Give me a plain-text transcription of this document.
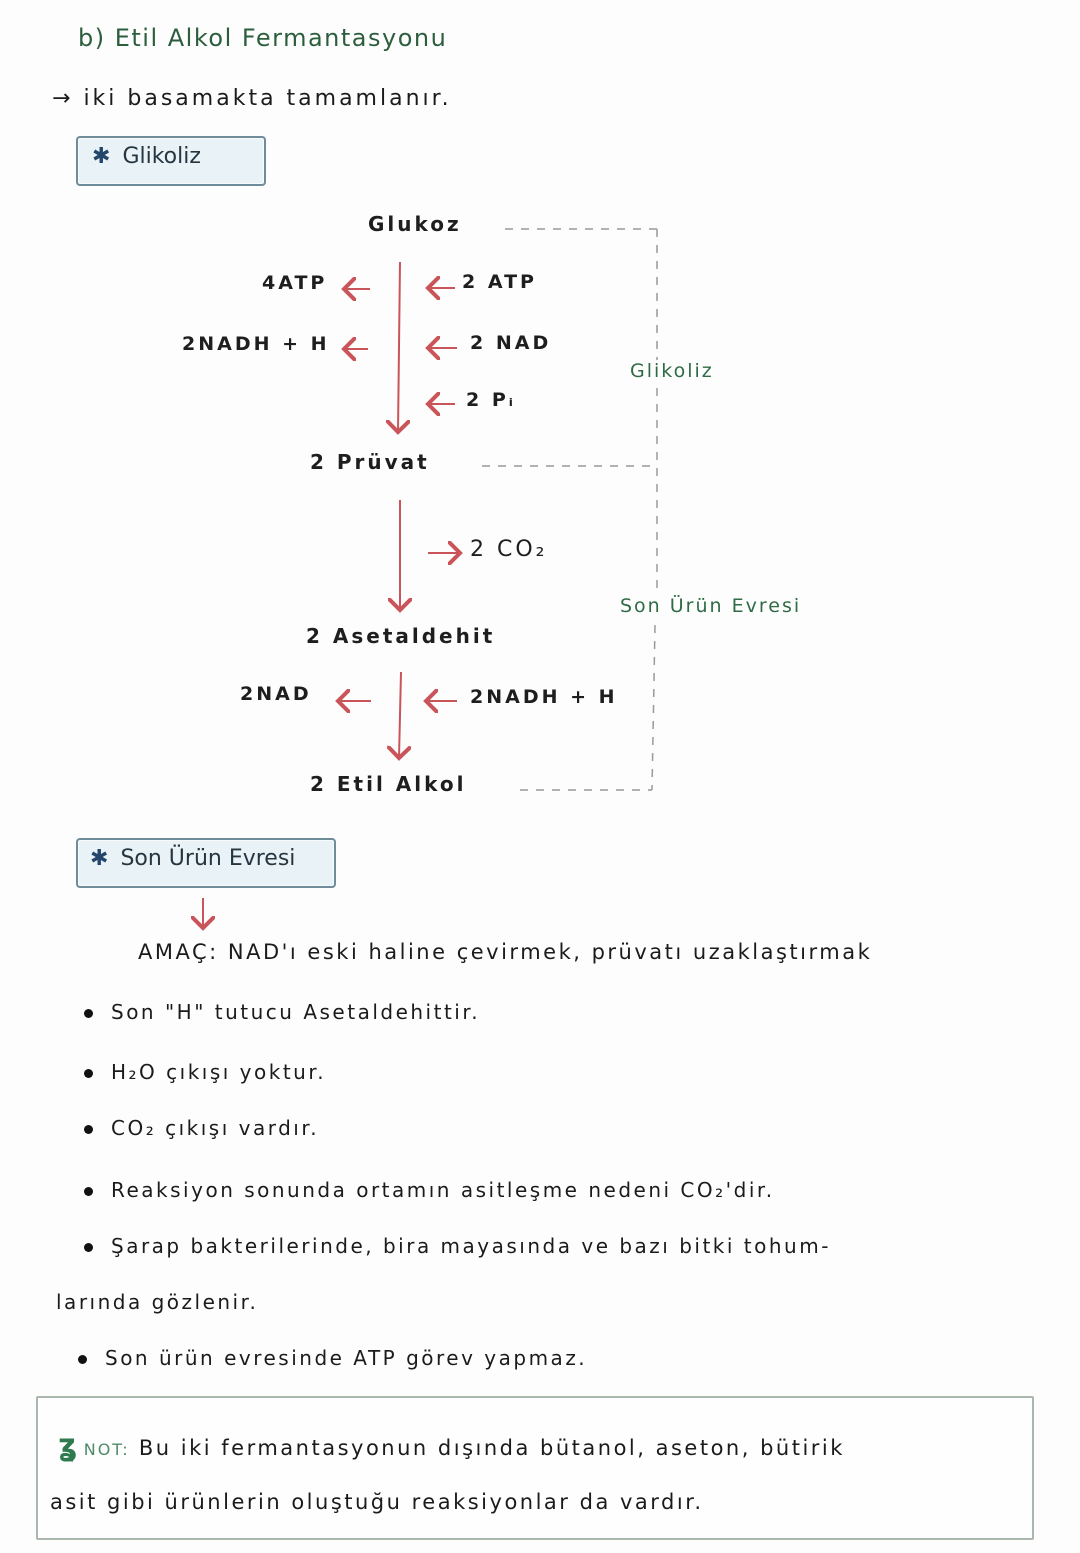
b) Etil Alkol Fermantasyonu
→ iki basamakta tamamlanır.
✱ Glikoliz
Glukoz
2 Prüvat
2 Asetaldehit
2 Etil Alkol
4ATP
2NADH + H
2 ATP
2 NAD
2 Pᵢ
2 CO₂
2NAD	2NADH + H
Glikoliz
Son Ürün Evresi
✱ Son Ürün Evresi
AMAÇ: NAD'ı eski haline çevirmek, prüvatı uzaklaştırmak
Son "H" tutucu Asetaldehittir.
H₂O çıkışı yoktur.
CO₂ çıkışı vardır.
Reaksiyon sonunda ortamın asitleşme nedeni CO₂'dir.
Şarap bakterilerinde, bira mayasında ve bazı bitki tohum-
larında gözlenir.
Son ürün evresinde ATP görev yapmaz.
ʓNOT: Bu iki fermantasyonun dışında bütanol, aseton, bütirik
asit gibi ürünlerin oluştuğu reaksiyonlar da vardır.
